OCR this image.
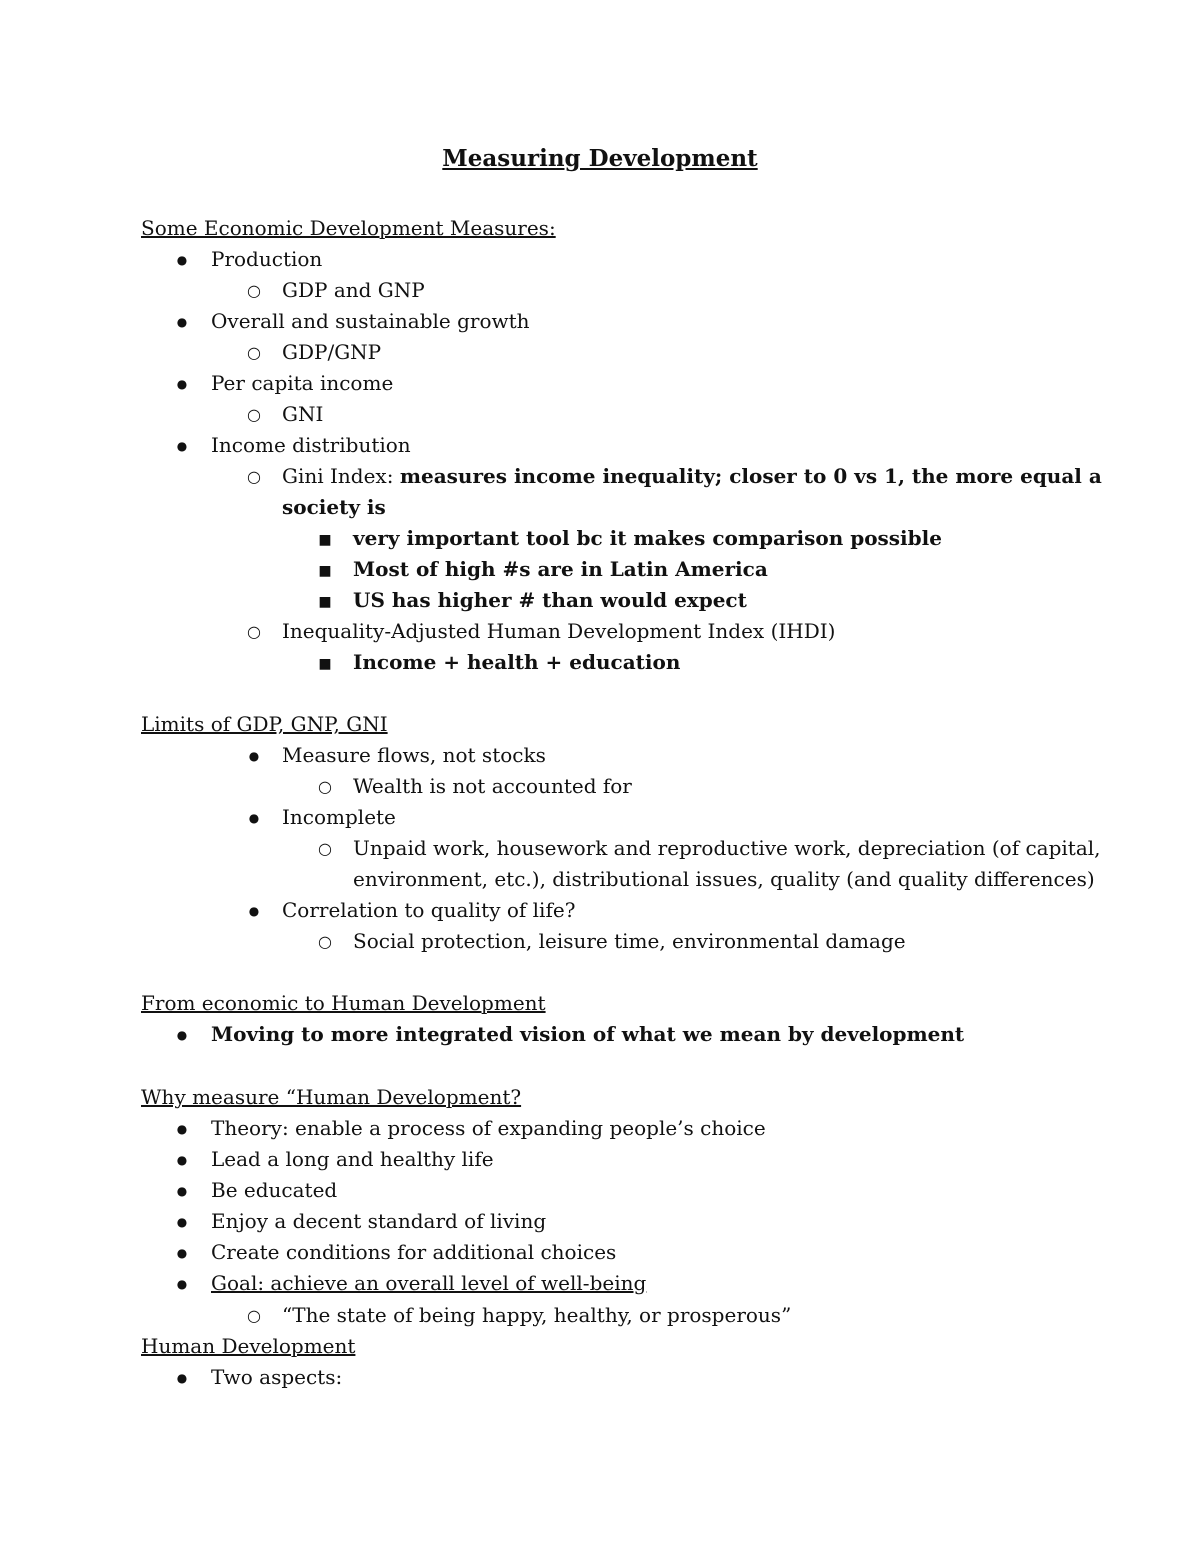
Measuring Development
Some Economic Development Measures:
●
Production
○
GDP and GNP
●
Overall and sustainable growth
○
GDP/GNP
●
Per capita income
○
GNI
●
Income distribution
○
Gini Index: measures income inequality; closer to 0 vs 1, the more equal a
society is
■
very important tool bc it makes comparison possible
■
Most of high #s are in Latin America
■
US has higher # than would expect
○
Inequality-Adjusted Human Development Index (IHDI)
■
Income + health + education
Limits of GDP, GNP, GNI
●
Measure flows, not stocks
○
Wealth is not accounted for
●
Incomplete
○
Unpaid work, housework and reproductive work, depreciation (of capital,
environment, etc.), distributional issues, quality (and quality differences)
●
Correlation to quality of life?
○
Social protection, leisure time, environmental damage
From economic to Human Development
●
Moving to more integrated vision of what we mean by development
Why measure “Human Development?
●
Theory: enable a process of expanding people’s choice
●
Lead a long and healthy life
●
Be educated
●
Enjoy a decent standard of living
●
Create conditions for additional choices
●
Goal: achieve an overall level of well-being
○
“The state of being happy, healthy, or prosperous”
Human Development
●
Two aspects:
